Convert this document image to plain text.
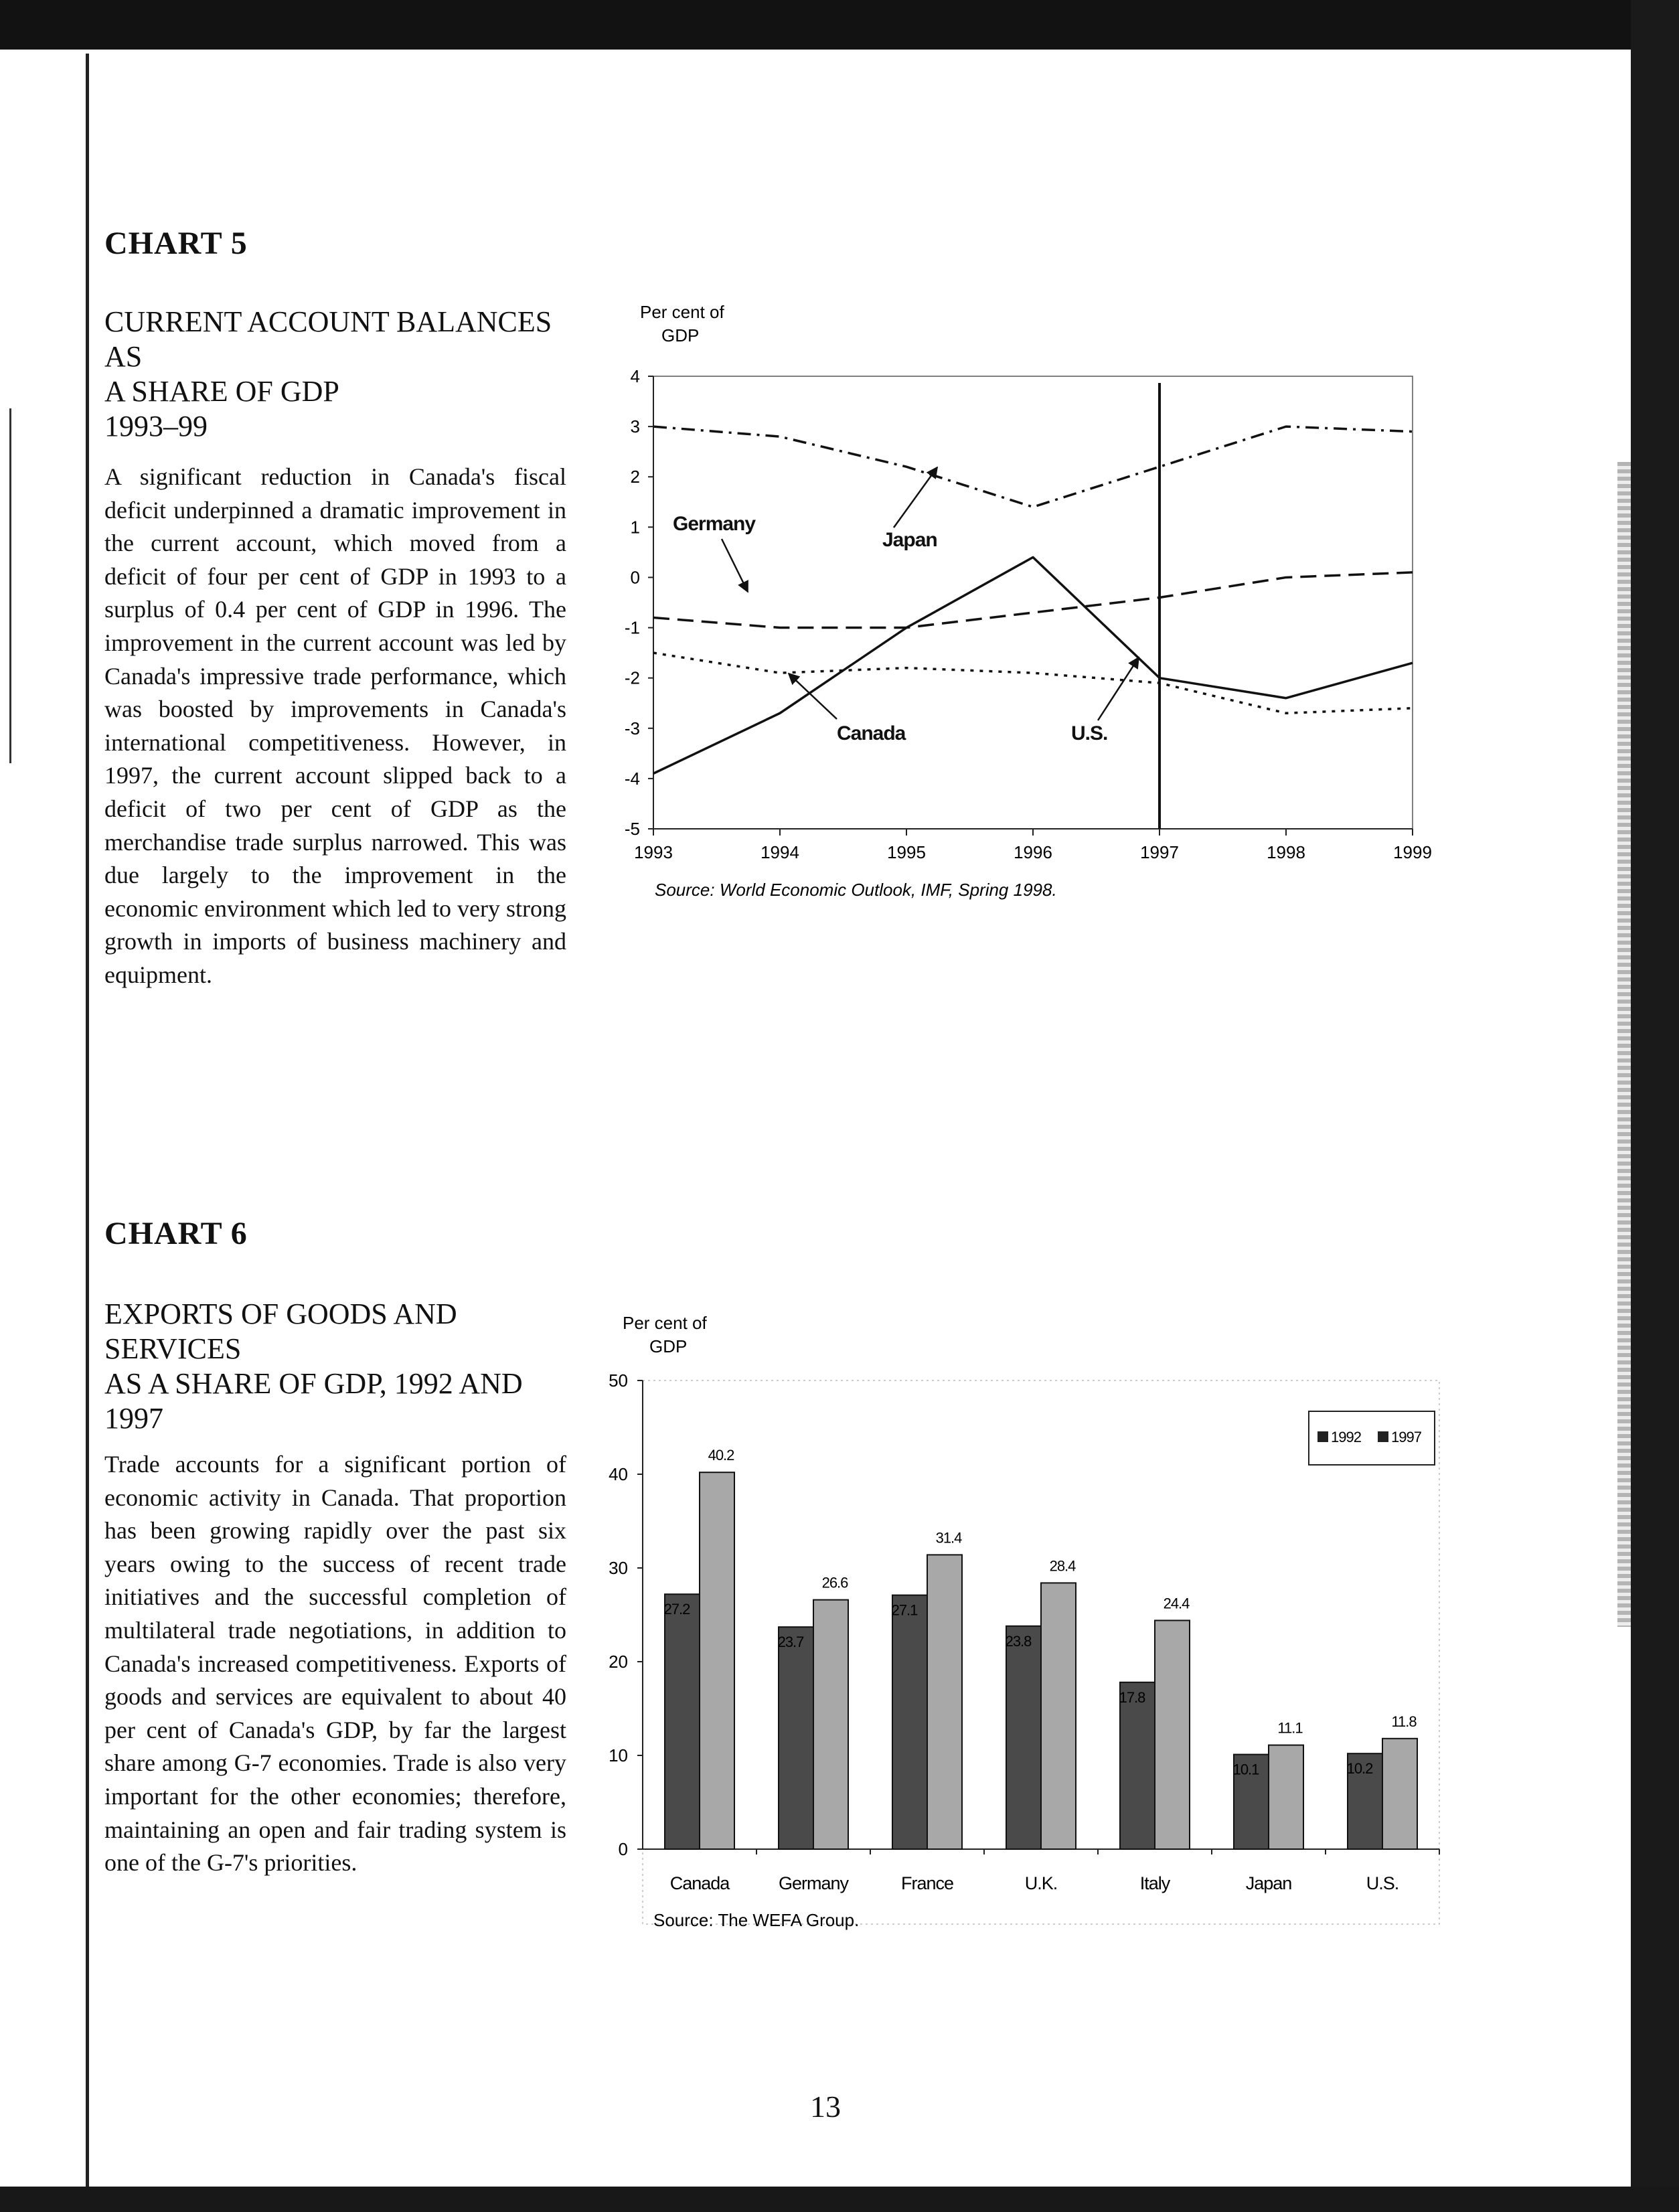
CHART 5
CURRENT ACCOUNT BALANCES AS
A SHARE OF GDP
1993–99
A significant reduction in Canada's fiscal deficit underpinned a dramatic improvement in the current account, which moved from a deficit of four per cent of GDP in 1993 to a surplus of 0.4 per cent of GDP in 1996. The improvement in the current account was led by Canada's impressive trade performance, which was boosted by improvements in Canada's international competitiveness. However, in 1997, the current account slipped back to a deficit of two per cent of GDP as the merchandise trade surplus narrowed. This was due largely to the improvement in the economic environment which led to very strong growth in imports of business machinery and equipment.
Per cent of
GDP
4
3
2
1
0
-1
-2
-3
-4
-5
1993	1994	1995	1996	1997	1998	1999
Germany
Japan
Canada	U.S.
Source: World Economic Outlook, IMF, Spring 1998.
CHART 6
EXPORTS OF GOODS AND SERVICES
AS A SHARE OF GDP, 1992 AND
1997
Trade accounts for a significant portion of economic activity in Canada. That proportion has been growing rapidly over the past six years owing to the success of recent trade initiatives and the successful completion of multilateral trade negotiations, in addition to Canada's increased competitiveness. Exports of goods and services are equivalent to about 40 per cent of Canada's GDP, by far the largest share among G-7 economies. Trade is also very important for the other economies; therefore, maintaining an open and fair trading system is one of the G-7's priorities.
Per cent of
GDP
0
10
20
30
40
50
Canada	Germany	France	U.K.	Italy	Japan	U.S.
27.2
40.2
23.7
26.6
27.1
31.4
23.8
28.4
17.8
24.4
10.1
11.1
10.2
11.8
1992 1997
Source: The WEFA Group.
13
